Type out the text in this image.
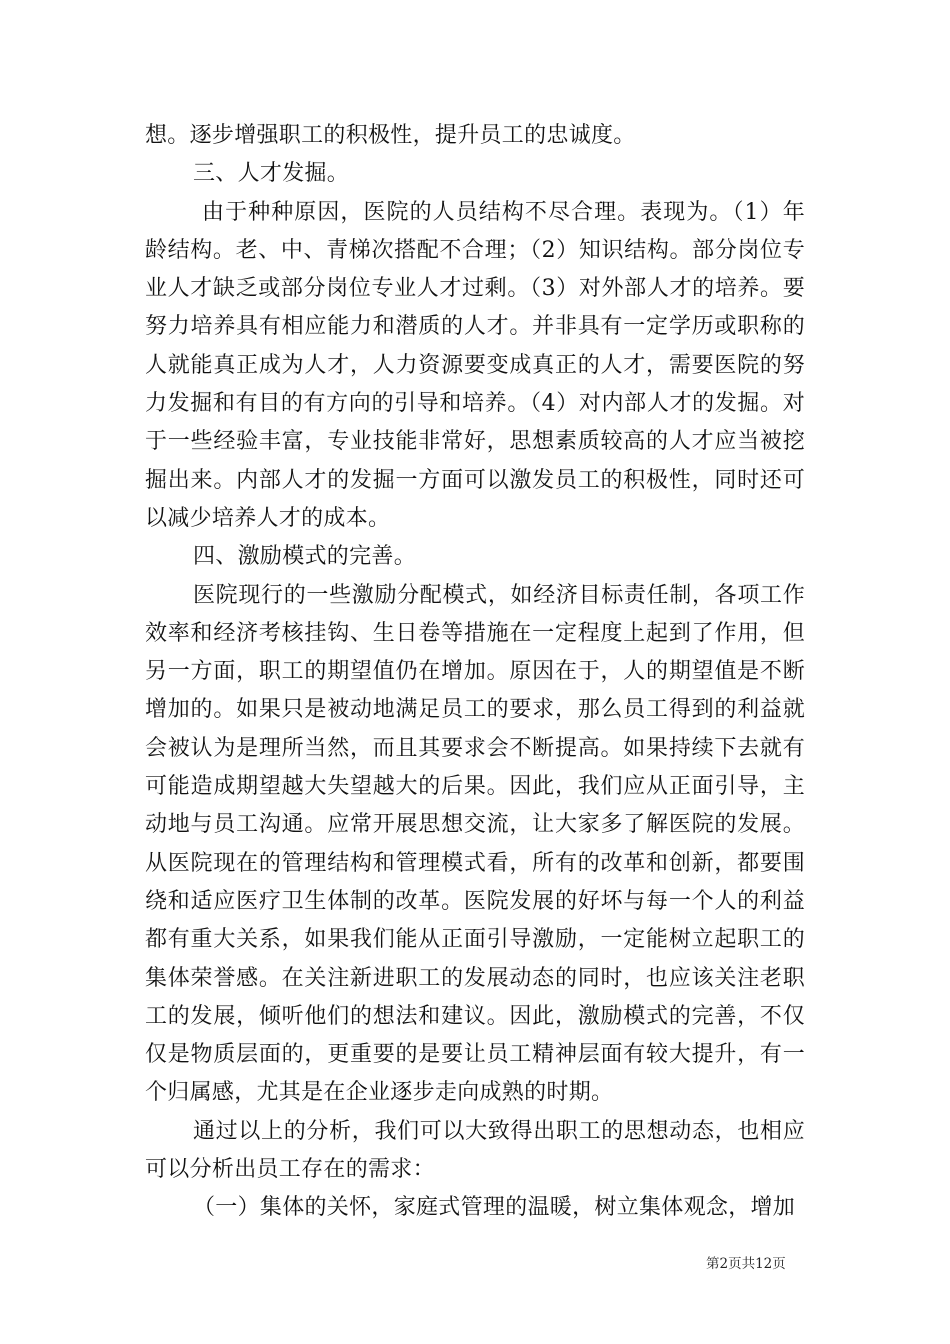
想。逐步增强职工的积极性，提升员工的忠诚度。

三、人才发掘。

由于种种原因，医院的人员结构不尽合理。表现为。（1）年龄结构。老、中、青梯次搭配不合理；（2）知识结构。部分岗位专业人才缺乏或部分岗位专业人才过剩。（3）对外部人才的培养。要努力培养具有相应能力和潜质的人才。并非具有一定学历或职称的人就能真正成为人才，人力资源要变成真正的人才，需要医院的努力发掘和有目的有方向的引导和培养。（4）对内部人才的发掘。对于一些经验丰富，专业技能非常好，思想素质较高的人才应当被挖掘出来。内部人才的发掘一方面可以激发员工的积极性，同时还可以减少培养人才的成本。

四、激励模式的完善。

医院现行的一些激励分配模式，如经济目标责任制，各项工作效率和经济考核挂钩、生日卷等措施在一定程度上起到了作用，但另一方面，职工的期望值仍在增加。原因在于，人的期望值是不断增加的。如果只是被动地满足员工的要求，那么员工得到的利益就会被认为是理所当然，而且其要求会不断提高。如果持续下去就有可能造成期望越大失望越大的后果。因此，我们应从正面引导，主动地与员工沟通。应常开展思想交流，让大家多了解医院的发展。从医院现在的管理结构和管理模式看，所有的改革和创新，都要围绕和适应医疗卫生体制的改革。医院发展的好坏与每一个人的利益都有重大关系，如果我们能从正面引导激励，一定能树立起职工的集体荣誉感。在关注新进职工的发展动态的同时，也应该关注老职工的发展，倾听他们的想法和建议。因此，激励模式的完善，不仅仅是物质层面的，更重要的是要让员工精神层面有较大提升，有一个归属感，尤其是在企业逐步走向成熟的时期。

通过以上的分析，我们可以大致得出职工的思想动态，也相应可以分析出员工存在的需求：

（一）集体的关怀，家庭式管理的温暖，树立集体观念，增加

第2页共12页
